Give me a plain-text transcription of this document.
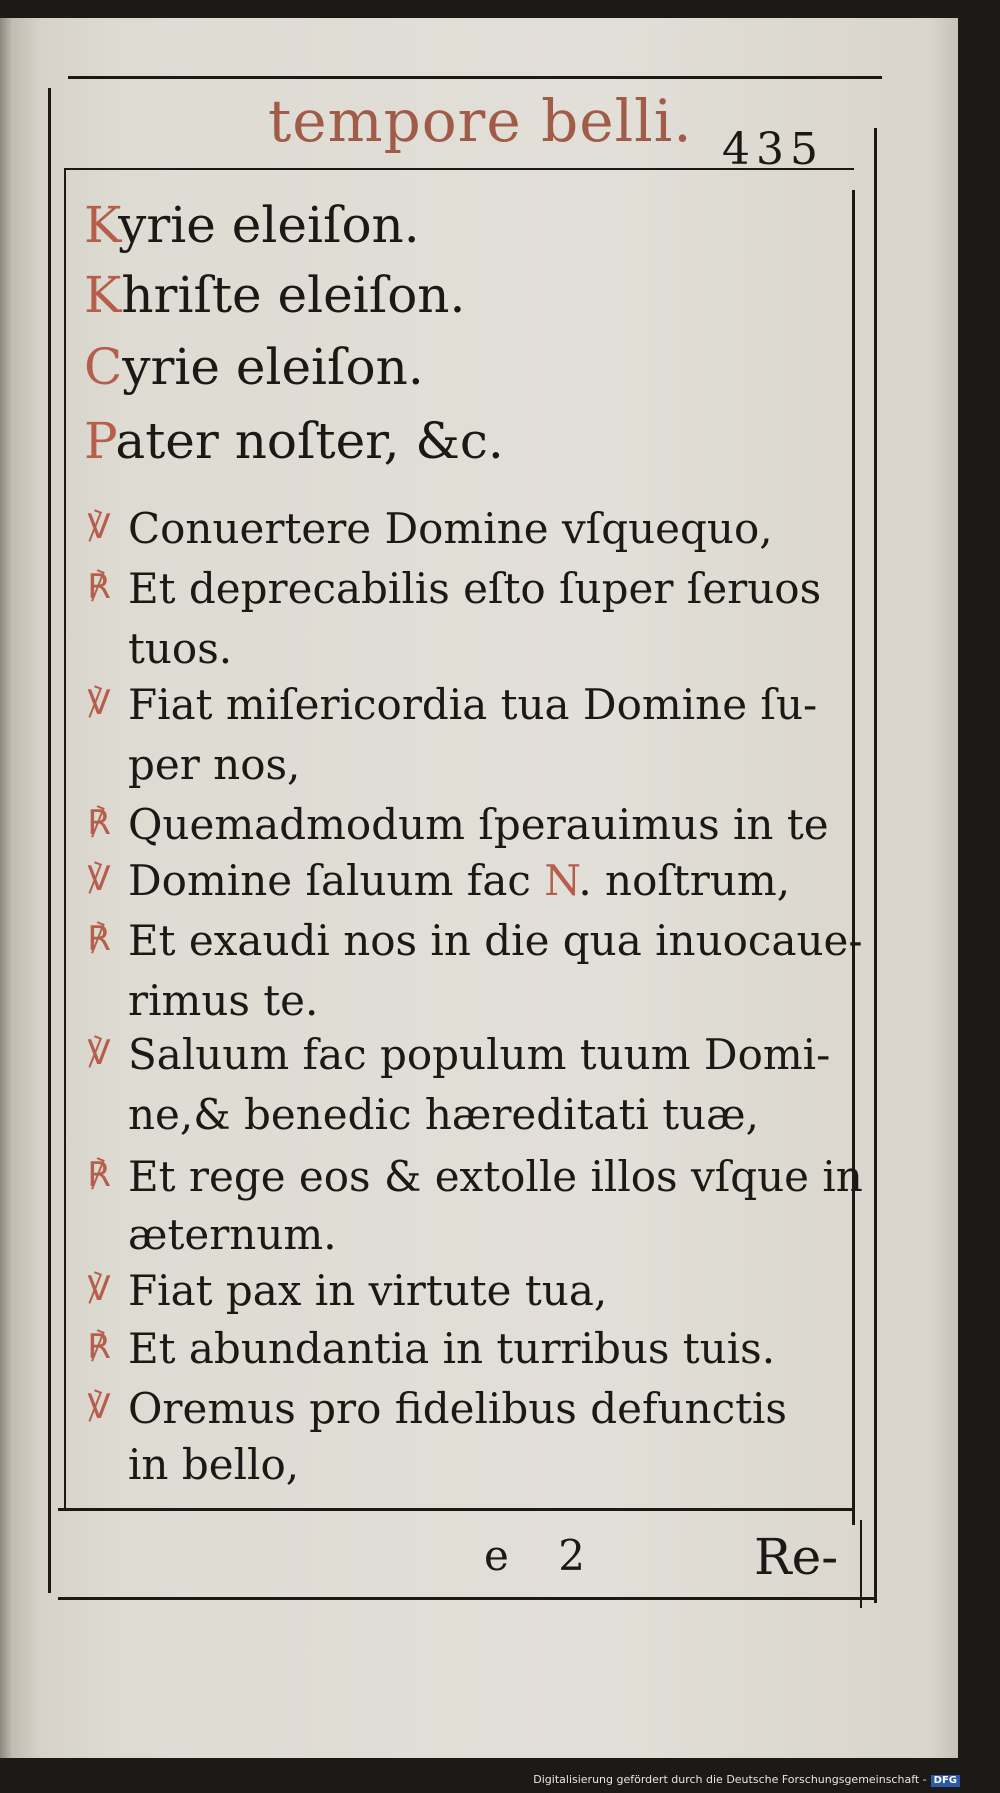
tempore belli. 435
Kyrie eleiſon.
Khriſte eleiſon.
Cyrie eleiſon.
Pater noſter, &c.
℣
℟
℣
℟
℣
℟
℣
℟
℣
℟
℣
Conuertere Domine vſquequo,
Et deprecabilis eſto ſuper ſeruos
tuos.
Fiat miſericordia tua Domine ſu-
per nos,
Quemadmodum ſperauimus in te
Domine ſaluum fac N. noſtrum,
Et exaudi nos in die qua inuocaue-
rimus te.
Saluum fac populum tuum Domi-
ne,& benedic hæreditati tuæ,
Et rege eos & extolle illos vſque in
æternum.
Fiat pax in virtute tua,
Et abundantia in turribus tuis.
Oremus pro fidelibus defunctis
in bello,
e 2	Re-
Digitalisierung gefördert durch die Deutsche Forschungsgemeinschaft - DFG
